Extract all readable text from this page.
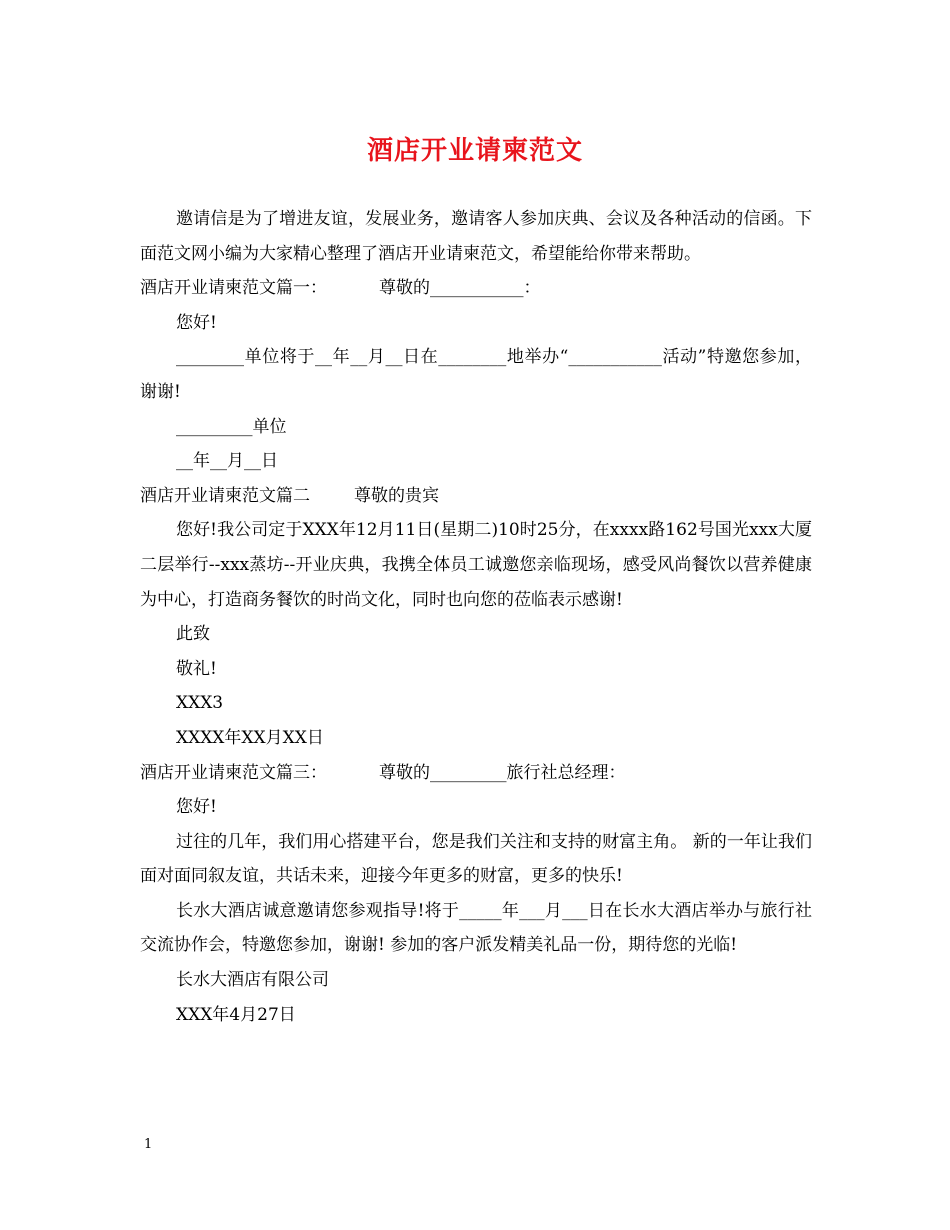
酒店开业请柬范文

邀请信是为了增进友谊，发展业务，邀请客人参加庆典、会议及各种活动的信函。下面范文网小编为大家精心整理了酒店开业请柬范文，希望能给你带来帮助。

酒店开业请柬范文篇一：	尊敬的___________：

您好!

________单位将于__年__月__日在________地举办“___________活动”特邀您参加，谢谢!

_________单位

__年__月__日

酒店开业请柬范文篇二	尊敬的贵宾

您好!我公司定于XXX年12月11日(星期二)10时25分，在xxxx路162号国光xxx大厦二层举行--xxx蒸坊--开业庆典，我携全体员工诚邀您亲临现场，感受风尚餐饮以营养健康为中心，打造商务餐饮的时尚文化，同时也向您的莅临表示感谢!

此致

敬礼!

XXX3

XXXX年XX月XX日

酒店开业请柬范文篇三：	尊敬的_________旅行社总经理：

您好!

过往的几年，我们用心搭建平台，您是我们关注和支持的财富主角。 新的一年让我们面对面同叙友谊，共话未来，迎接今年更多的财富，更多的快乐!

长水大酒店诚意邀请您参观指导!将于_____年___月___日在长水大酒店举办与旅行社交流协作会，特邀您参加，谢谢! 参加的客户派发精美礼品一份，期待您的光临!

长水大酒店有限公司

XXX年4月27日

1
